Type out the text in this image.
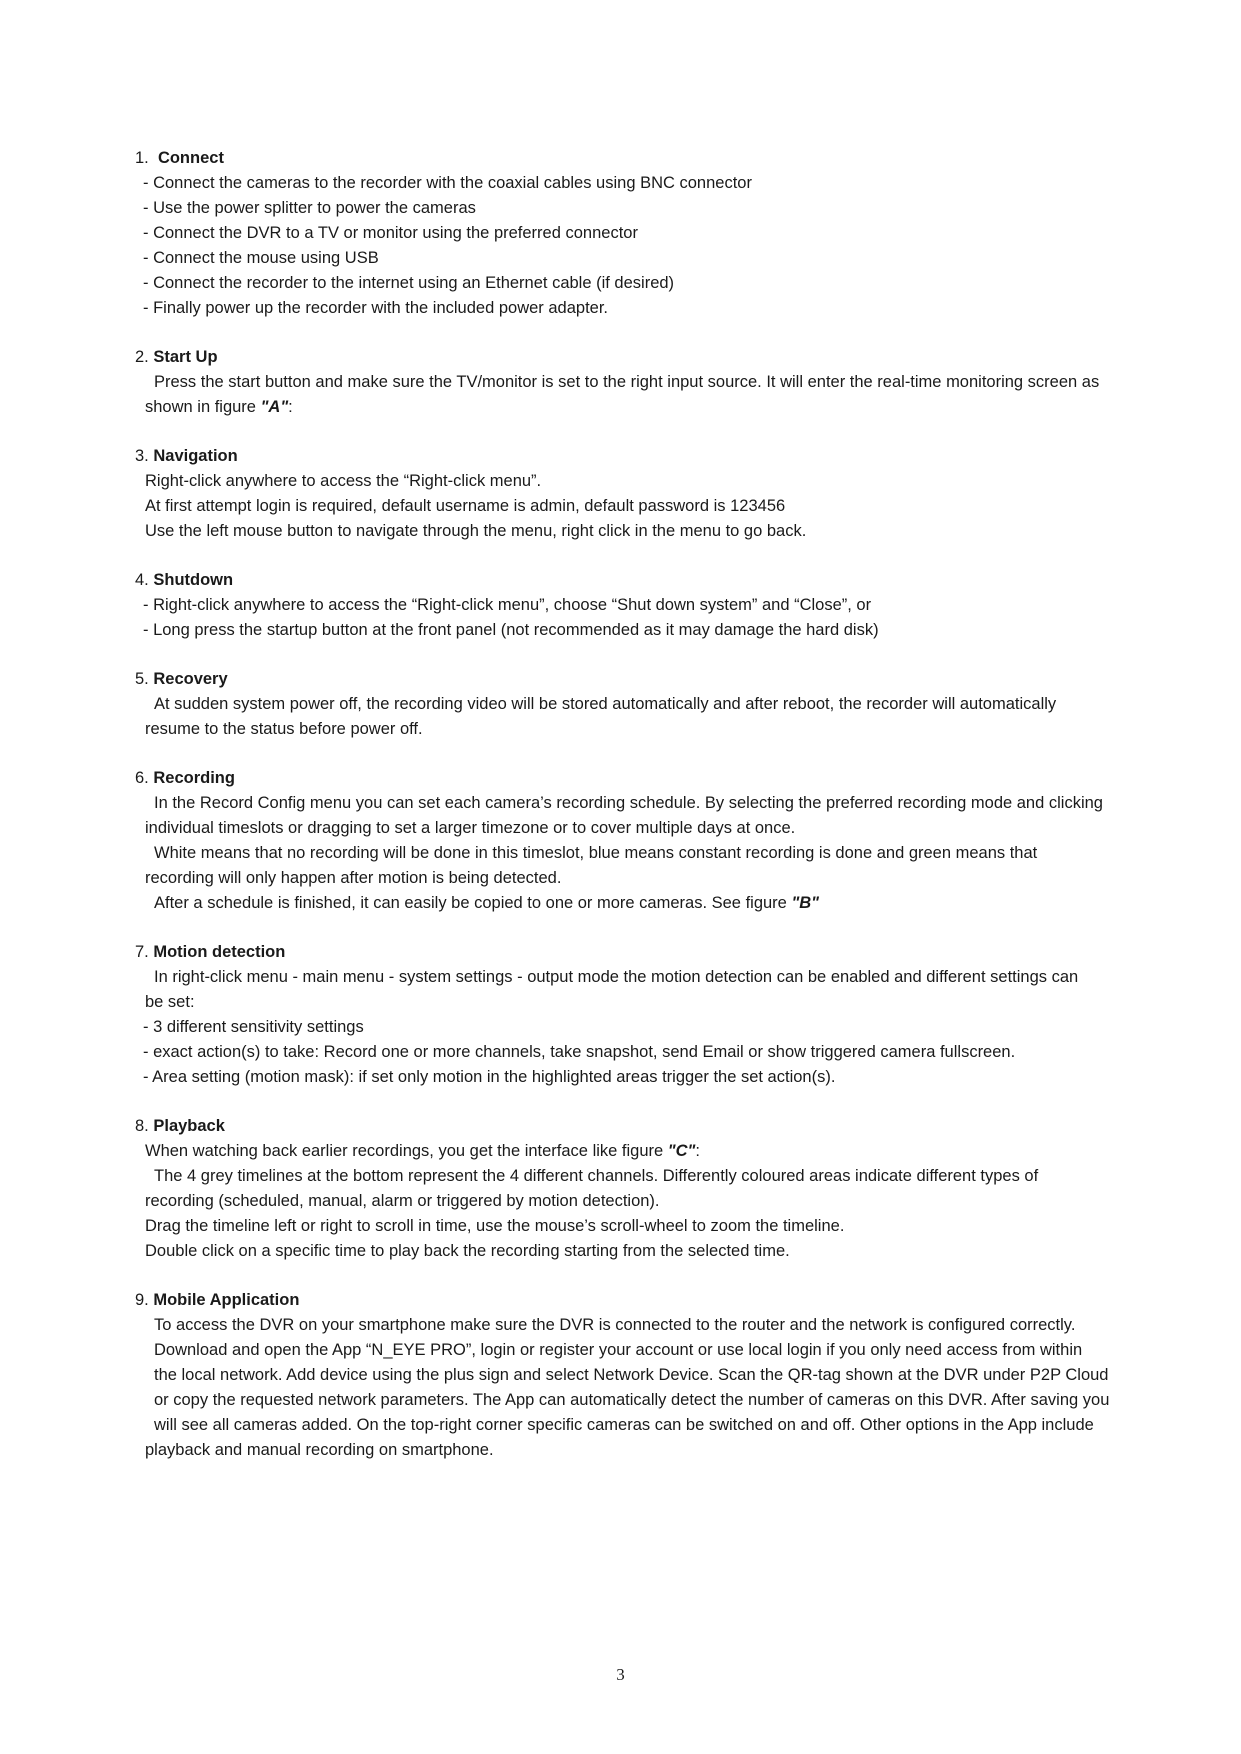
1. Connect

- Connect the cameras to the recorder with the coaxial cables using BNC connector

- Use the power splitter to power the cameras

- Connect the DVR to a TV or monitor using the preferred connector

- Connect the mouse using USB

- Connect the recorder to the internet using an Ethernet cable (if desired)

- Finally power up the recorder with the included power adapter.

2. Start Up

Press the start button and make sure the TV/monitor is set to the right input source. It will enter the real-time monitoring screen as

shown in figure "A":

3. Navigation

Right-click anywhere to access the “Right-click menu”.

At first attempt login is required, default username is admin, default password is 123456

Use the left mouse button to navigate through the menu, right click in the menu to go back.

4. Shutdown

- Right-click anywhere to access the “Right-click menu”, choose “Shut down system” and “Close”, or

- Long press the startup button at the front panel (not recommended as it may damage the hard disk)

5. Recovery

At sudden system power off, the recording video will be stored automatically and after reboot, the recorder will automatically

resume to the status before power off.

6. Recording

In the Record Config menu you can set each camera’s recording schedule. By selecting the preferred recording mode and clicking

individual timeslots or dragging to set a larger timezone or to cover multiple days at once.

White means that no recording will be done in this timeslot, blue means constant recording is done and green means that

recording will only happen after motion is being detected.

After a schedule is finished, it can easily be copied to one or more cameras. See figure "B"

7. Motion detection

In right-click menu - main menu - system settings - output mode the motion detection can be enabled and different settings can

be set:

- 3 different sensitivity settings

- exact action(s) to take: Record one or more channels, take snapshot, send Email or show triggered camera fullscreen.

- Area setting (motion mask): if set only motion in the highlighted areas trigger the set action(s).

8. Playback

When watching back earlier recordings, you get the interface like figure "C":

The 4 grey timelines at the bottom represent the 4 different channels. Differently coloured areas indicate different types of

recording (scheduled, manual, alarm or triggered by motion detection).

Drag the timeline left or right to scroll in time, use the mouse’s scroll-wheel to zoom the timeline.

Double click on a specific time to play back the recording starting from the selected time.

9. Mobile Application

To access the DVR on your smartphone make sure the DVR is connected to the router and the network is configured correctly.

Download and open the App “N_EYE PRO”, login or register your account or use local login if you only need access from within

the local network. Add device using the plus sign and select Network Device. Scan the QR-tag shown at the DVR under P2P Cloud

or copy the requested network parameters. The App can automatically detect the number of cameras on this DVR. After saving you

will see all cameras added. On the top-right corner specific cameras can be switched on and off. Other options in the App include

playback and manual recording on smartphone.

3
